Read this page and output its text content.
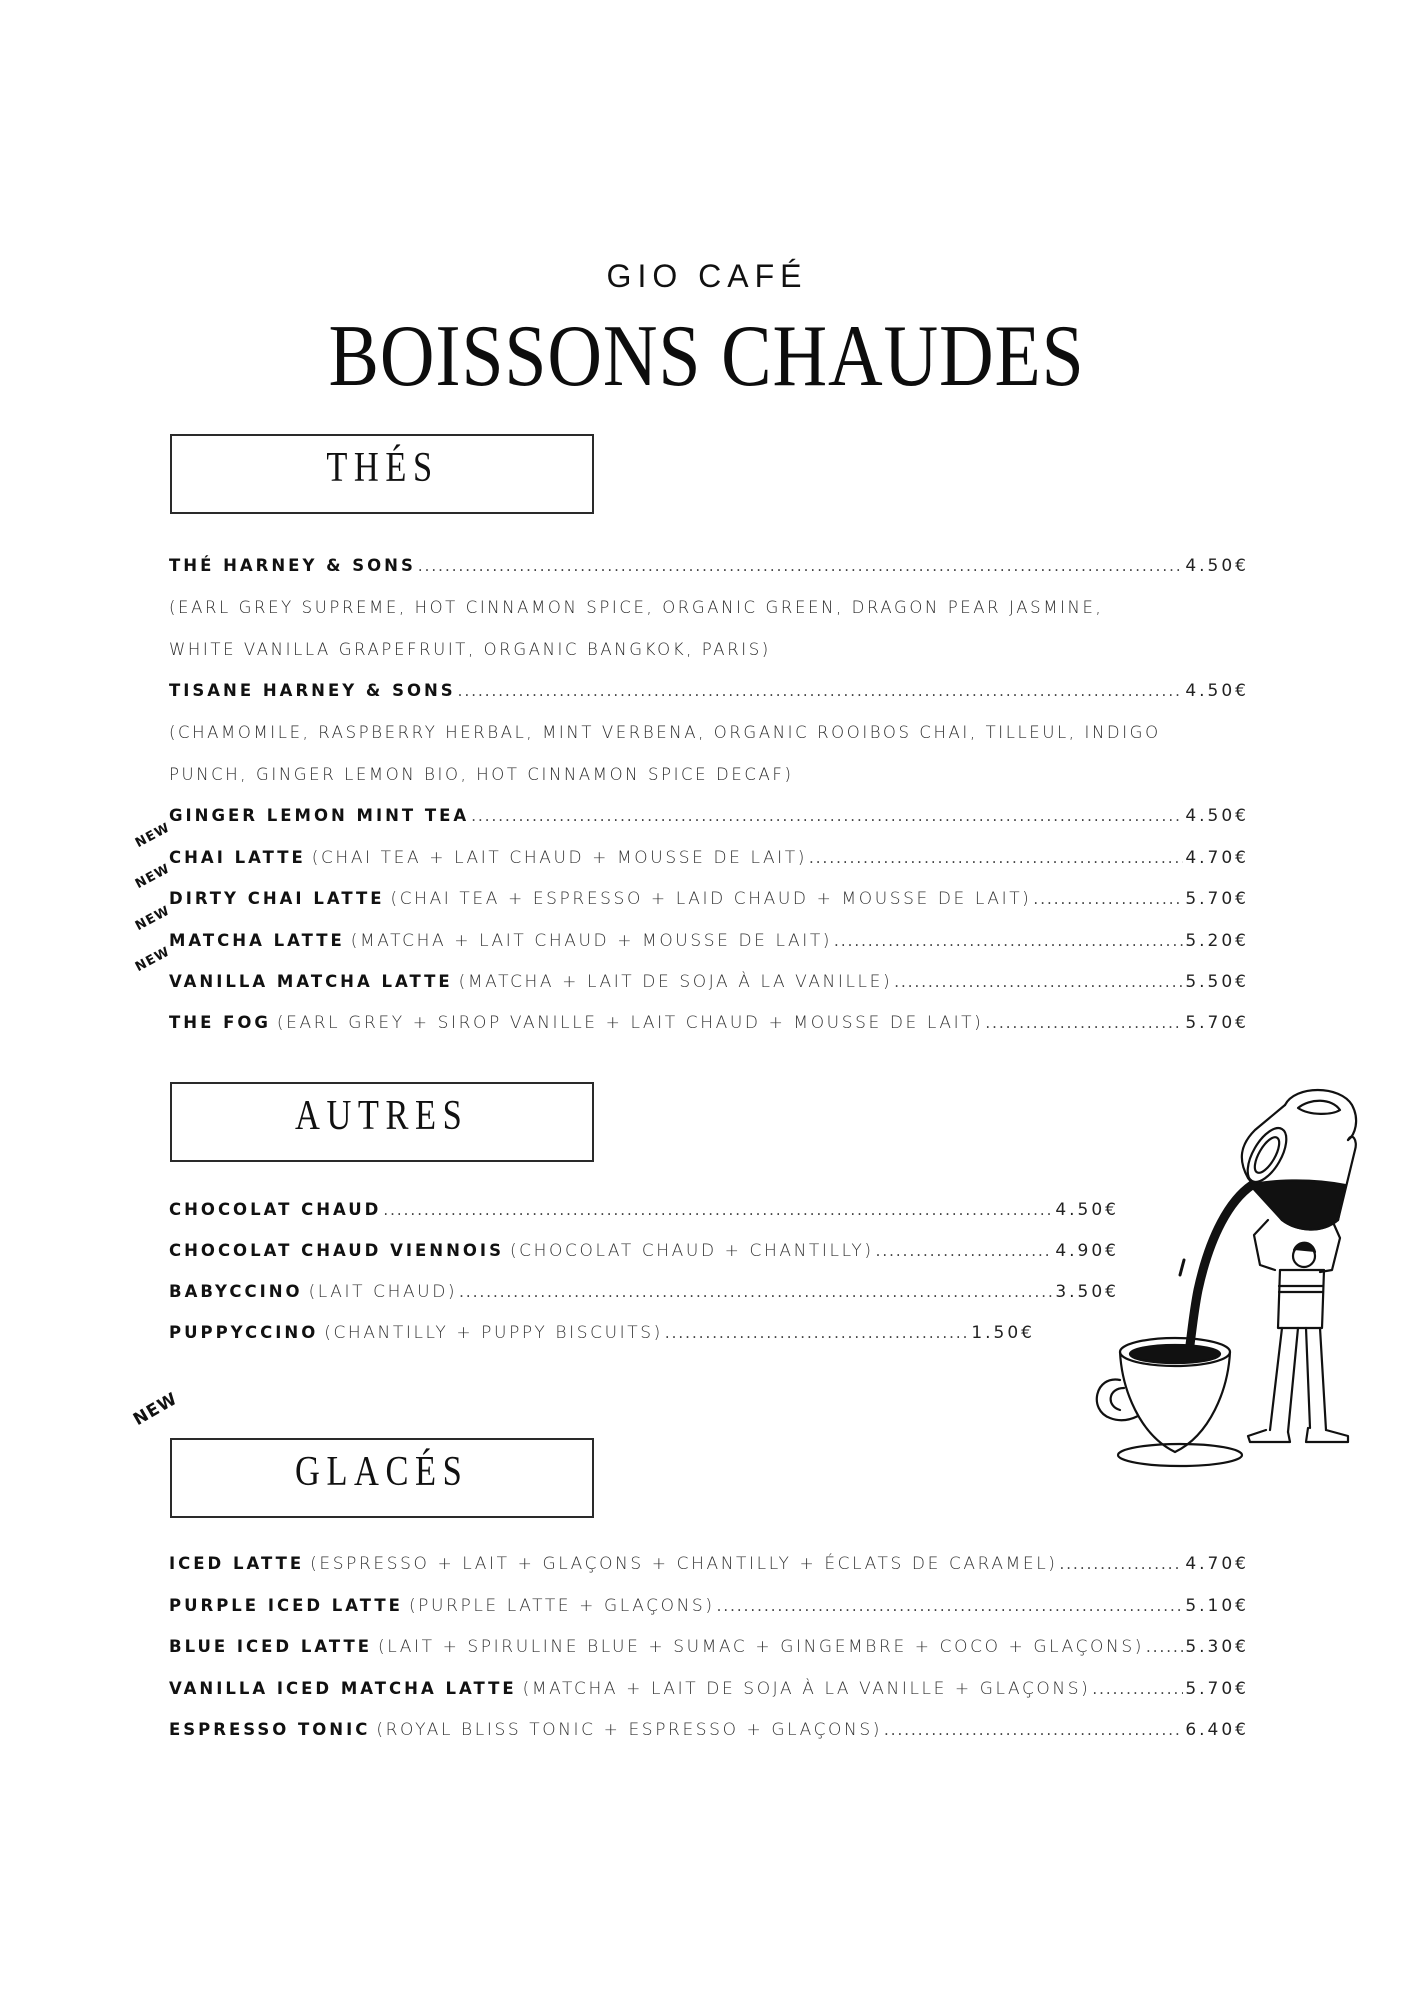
GIO CAFÉ
BOISSONS CHAUDES
THÉS
THÉ HARNEY & SONS .....	4.50€
(EARL GREY SUPREME, HOT CINNAMON SPICE, ORGANIC GREEN, DRAGON PEAR JASMINE,
WHITE VANILLA GRAPEFRUIT, ORGANIC BANGKOK, PARIS)
TISANE HARNEY & SONS .....	4.50€
(CHAMOMILE, RASPBERRY HERBAL, MINT VERBENA, ORGANIC ROOIBOS CHAI, TILLEUL, INDIGO
PUNCH, GINGER LEMON BIO, HOT CINNAMON SPICE DECAF)
GINGER LEMON MINT TEA .....	4.50€
NEW
CHAI LATTE (CHAI TEA + LAIT CHAUD + MOUSSE DE LAIT) .....	4.70€
NEW
DIRTY CHAI LATTE (CHAI TEA + ESPRESSO + LAID CHAUD + MOUSSE DE LAIT) .....	5.70€
NEW
MATCHA LATTE (MATCHA + LAIT CHAUD + MOUSSE DE LAIT) .....	5.20€
NEW
VANILLA MATCHA LATTE (MATCHA + LAIT DE SOJA À LA VANILLE) .....	5.50€
THE FOG (EARL GREY + SIROP VANILLE + LAIT CHAUD + MOUSSE DE LAIT) .....	5.70€
AUTRES
CHOCOLAT CHAUD .....	4.50€
CHOCOLAT CHAUD VIENNOIS (CHOCOLAT CHAUD + CHANTILLY) .....	4.90€
BABYCCINO (LAIT CHAUD) .....	3.50€
PUPPYCCINO (CHANTILLY + PUPPY BISCUITS) .....	1.50€
NEW
GLACÉS
ICED LATTE (ESPRESSO + LAIT + GLAÇONS + CHANTILLY + ÉCLATS DE CARAMEL) .....	4.70€
PURPLE ICED LATTE (PURPLE LATTE + GLAÇONS) .....	5.10€
BLUE ICED LATTE (LAIT + SPIRULINE BLUE + SUMAC + GINGEMBRE + COCO + GLAÇONS) ..... 5.30€
VANILLA ICED MATCHA LATTE (MATCHA + LAIT DE SOJA À LA VANILLE + GLAÇONS) .....	5.70€
ESPRESSO TONIC (ROYAL BLISS TONIC + ESPRESSO + GLAÇONS) .....	6.40€
